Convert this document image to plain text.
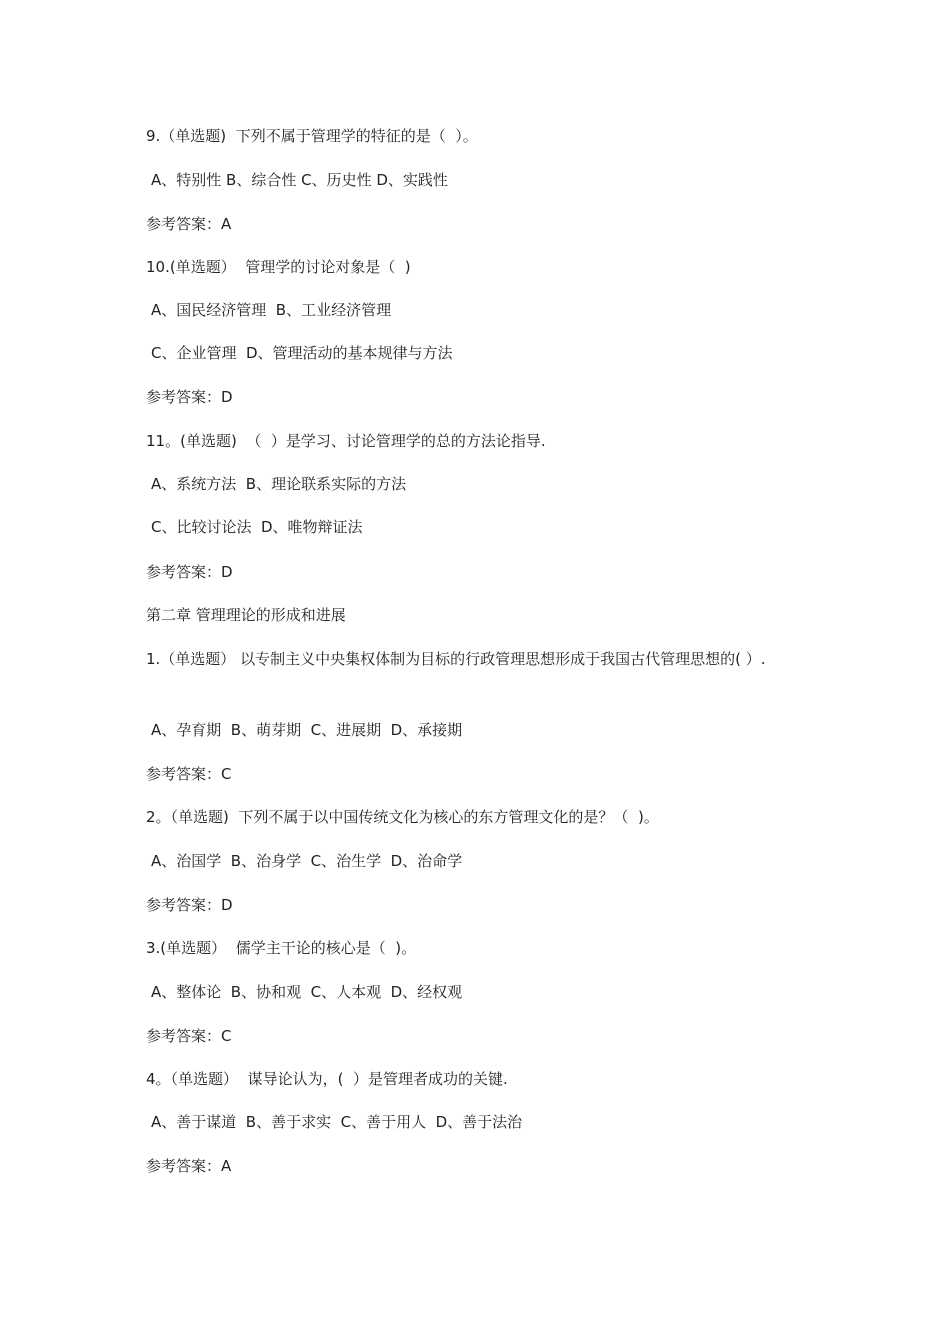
9.（单选题)  下列不属于管理学的特征的是（  ）。
A、特别性 B、综合性 C、历史性 D、实践性
参考答案：A
10.(单选题）  管理学的讨论对象是（  )
A、国民经济管理  B、工业经济管理
C、企业管理  D、管理活动的基本规律与方法
参考答案：D
11。(单选题)  （  ）是学习、讨论管理学的总的方法论指导.
A、系统方法  B、理论联系实际的方法
C、比较讨论法  D、唯物辩证法
参考答案：D
第二章 管理理论的形成和进展
1.（单选题） 以专制主义中央集权体制为目标的行政管理思想形成于我国古代管理思想的( ）.
A、孕育期  B、萌芽期  C、进展期  D、承接期
参考答案：C
2。（单选题)  下列不属于以中国传统文化为核心的东方管理文化的是？（  )。
A、治国学  B、治身学  C、治生学  D、治命学
参考答案：D
3.(单选题）  儒学主干论的核心是（  )。
A、整体论  B、协和观  C、人本观  D、经权观
参考答案：C
4。（单选题）  谋导论认为，(  ）是管理者成功的关键.
A、善于谋道  B、善于求实  C、善于用人  D、善于法治
参考答案：A
